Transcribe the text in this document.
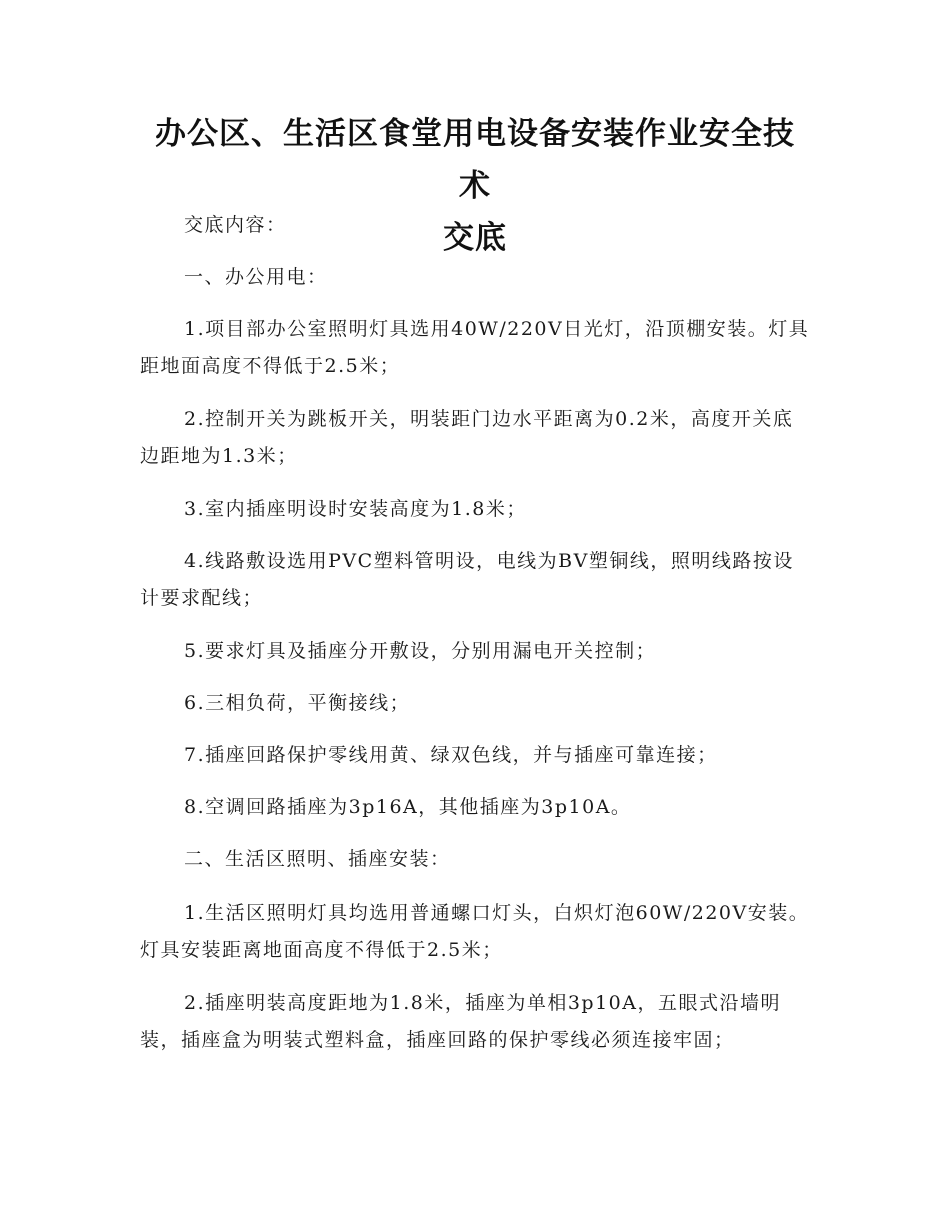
办公区、生活区食堂用电设备安装作业安全技术
交底

交底内容：

一、办公用电：

1.项目部办公室照明灯具选用40W/220V日光灯，沿顶棚安装。灯具距地面高度不得低于2.5米；

2.控制开关为跳板开关，明装距门边水平距离为0.2米，高度开关底边距地为1.3米；

3.室内插座明设时安装高度为1.8米；

4.线路敷设选用PVC塑料管明设，电线为BV塑铜线，照明线路按设计要求配线；

5.要求灯具及插座分开敷设，分别用漏电开关控制；

6.三相负荷，平衡接线；

7.插座回路保护零线用黄、绿双色线，并与插座可靠连接；

8.空调回路插座为3p16A，其他插座为3p10A。

二、生活区照明、插座安装：

1.生活区照明灯具均选用普通螺口灯头，白炽灯泡60W/220V安装。灯具安装距离地面高度不得低于2.5米；

2.插座明装高度距地为1.8米，插座为单相3p10A，五眼式沿墙明装，插座盒为明装式塑料盒，插座回路的保护零线必须连接牢固；
